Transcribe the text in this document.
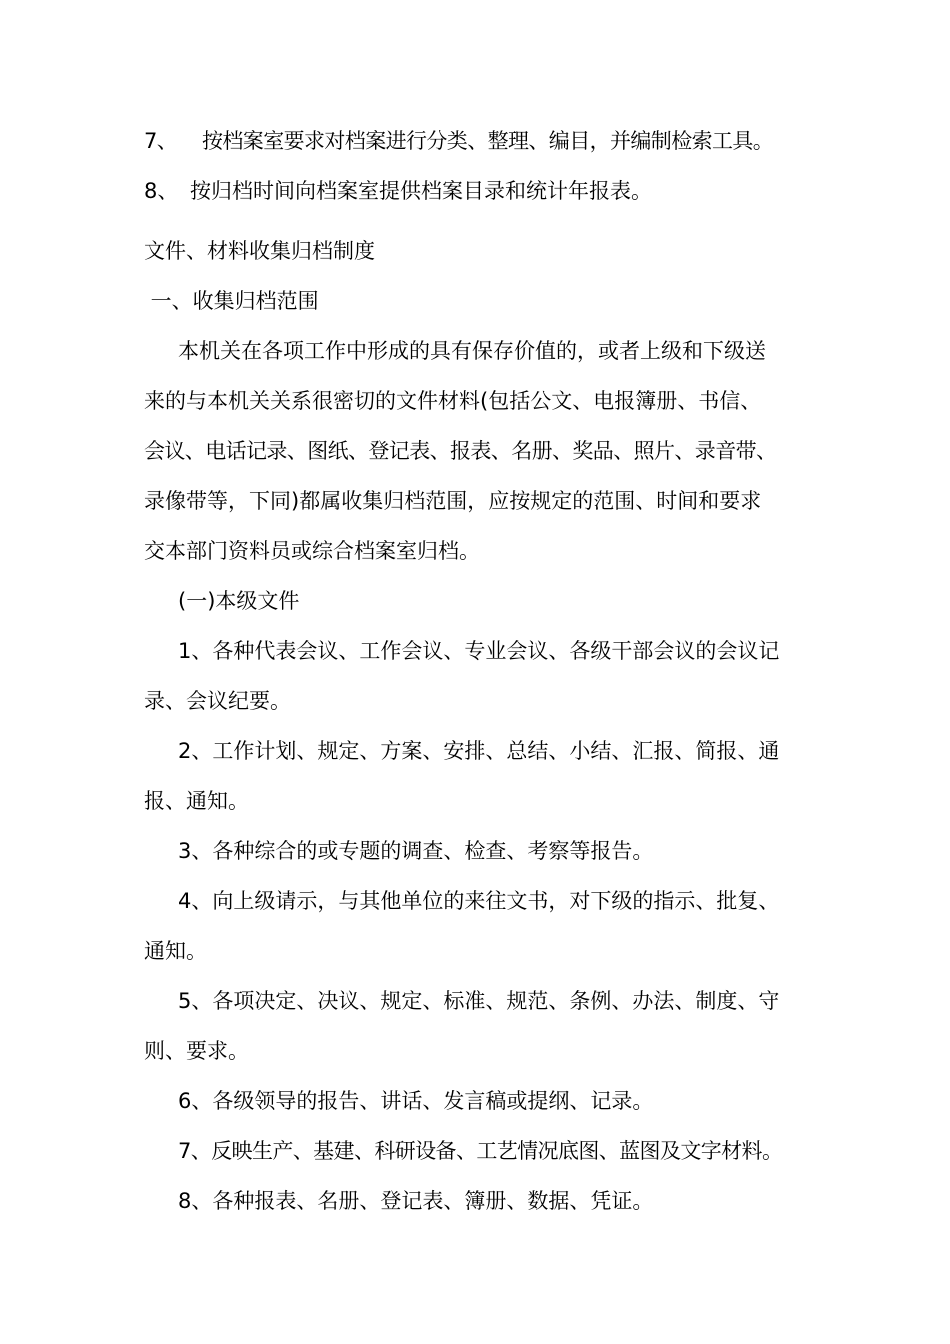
7、 按档案室要求对档案进行分类、整理、编目，并编制检索工具。
8、 按归档时间向档案室提供档案目录和统计年报表。
文件、材料收集归档制度
一、收集归档范围
本机关在各项工作中形成的具有保存价值的，或者上级和下级送
来的与本机关关系很密切的文件材料(包括公文、电报簿册、书信、
会议、电话记录、图纸、登记表、报表、名册、奖品、照片、录音带、
录像带等，下同)都属收集归档范围，应按规定的范围、时间和要求
交本部门资料员或综合档案室归档。
(一)本级文件
1、各种代表会议、工作会议、专业会议、各级干部会议的会议记
录、会议纪要。
2、工作计划、规定、方案、安排、总结、小结、汇报、简报、通
报、通知。
3、各种综合的或专题的调查、检查、考察等报告。
4、向上级请示，与其他单位的来往文书，对下级的指示、批复、
通知。
5、各项决定、决议、规定、标准、规范、条例、办法、制度、守
则、要求。
6、各级领导的报告、讲话、发言稿或提纲、记录。
7、反映生产、基建、科研设备、工艺情况底图、蓝图及文字材料。
8、各种报表、名册、登记表、簿册、数据、凭证。
